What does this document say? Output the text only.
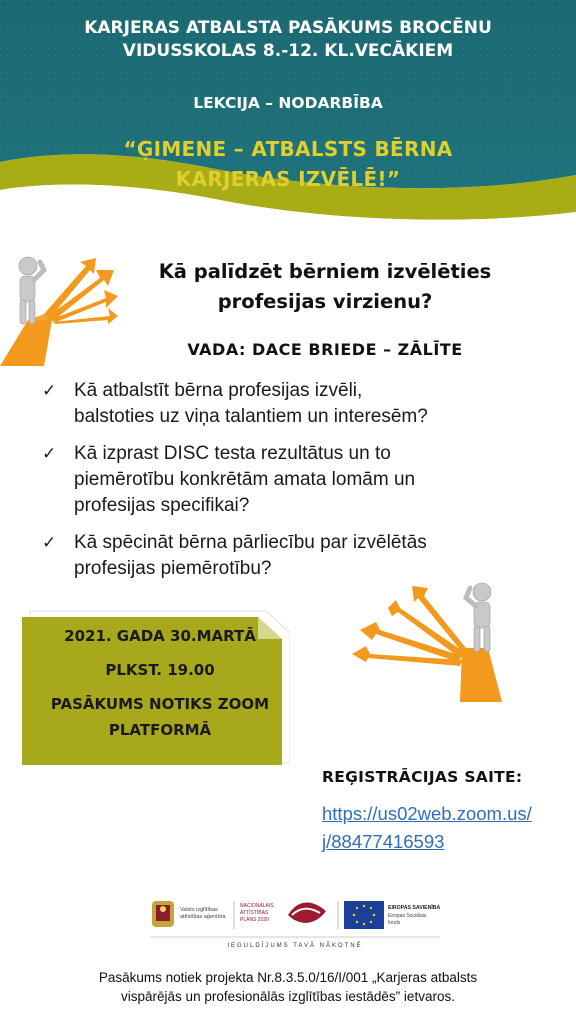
KARJERAS ATBALSTA PASĀKUMS BROCĒNU
VIDUSSKOLAS 8.-12. KL.VECĀKIEM
LEKCIJA – NODARBĪBA
“ĢIMENE – ATBALSTS BĒRNA
KARJERAS IZVĒLĒ!”
Kā palīdzēt bērniem izvēlēties
profesijas virzienu?
VADA: DACE BRIEDE – ZĀLĪTE
✓ Kā atbalstīt bērna profesijas izvēli,
balstoties uz viņa talantiem un interesēm?
✓ Kā izprast DISC testa rezultātus un to
piemērotību konkrētām amata lomām un
profesijas specifikai?
✓ Kā spēcināt bērna pārliecību par izvēlētās
profesijas piemērotību?
2021. GADA 30.MARTĀ
PLKST. 19.00
PASĀKUMS NOTIKS ZOOM
PLATFORMĀ
REĢISTRĀCIJAS SAITE:
https://us02web.zoom.us/
j/88477416593
Valsts izglītības
attīstības aģentūra
NACIONĀLAIS
ATTĪSTĪBAS
PLĀNS 2020
EIROPAS SAVIENĪBA
Eiropas Sociālais
fonds
IEGULDĪJUMS TAVĀ NĀKOTNĒ
Pasākums notiek projekta Nr.8.3.5.0/16/I/001 „Karjeras atbalsts
vispārējās un profesionālās izglītības iestādēs” ietvaros.
